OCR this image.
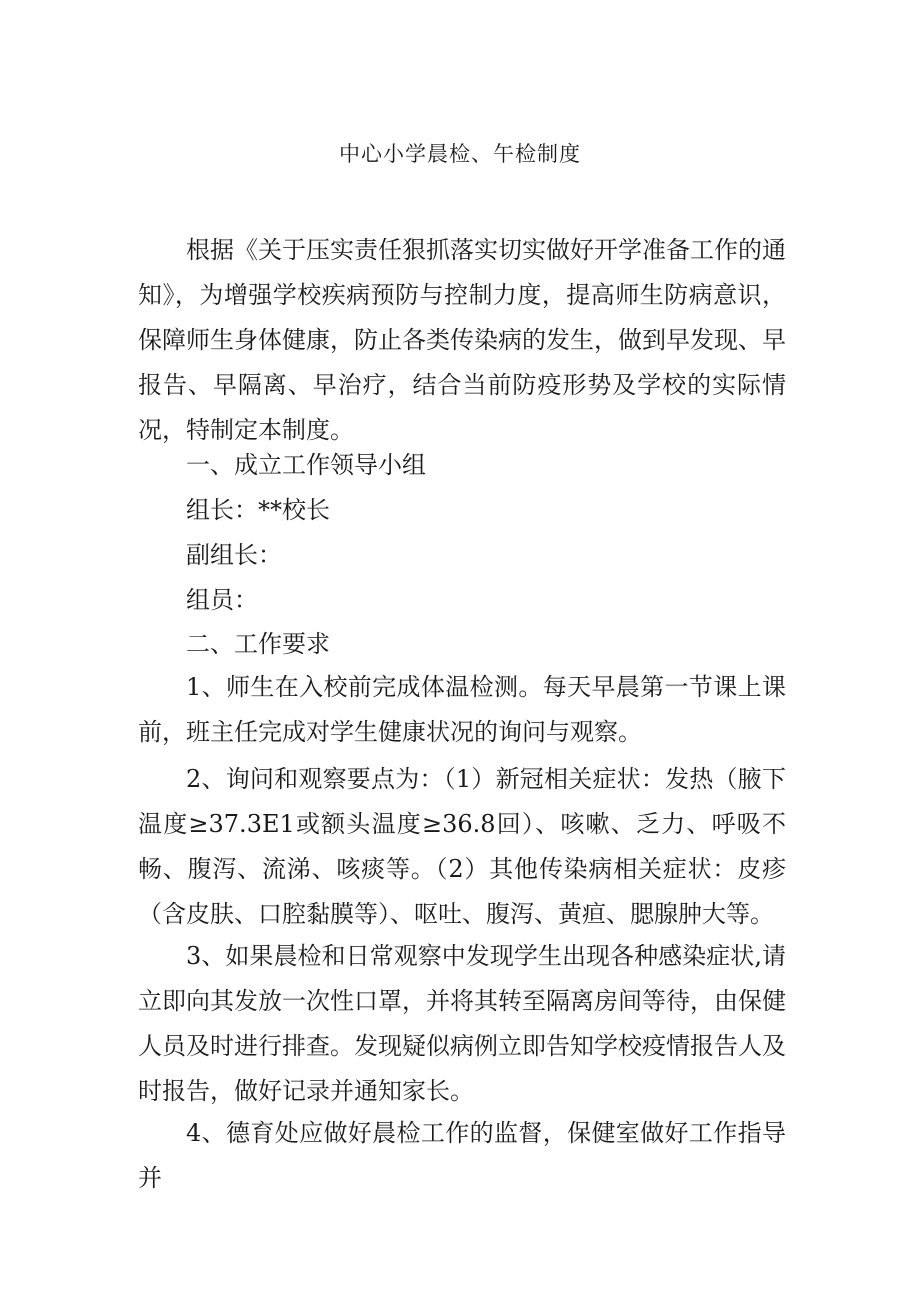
中心小学晨检、午检制度

根据《关于压实责任狠抓落实切实做好开学准备工作的通知》，为增强学校疾病预防与控制力度，提高师生防病意识，保障师生身体健康，防止各类传染病的发生，做到早发现、早报告、早隔离、早治疗，结合当前防疫形势及学校的实际情况，特制定本制度。

一、成立工作领导小组

组长：**校长

副组长：

组员：

二、工作要求

1、师生在入校前完成体温检测。每天早晨第一节课上课前，班主任完成对学生健康状况的询问与观察。

2、询问和观察要点为：（1）新冠相关症状：发热（腋下温度≥37.3E1或额头温度≥36.8回）、咳嗽、乏力、呼吸不畅、腹泻、流涕、咳痰等。（2）其他传染病相关症状：皮疹（含皮肤、口腔黏膜等）、呕吐、腹泻、黄疸、腮腺肿大等。

3、如果晨检和日常观察中发现学生出现各种感染症状,请立即向其发放一次性口罩，并将其转至隔离房间等待，由保健人员及时进行排查。发现疑似病例立即告知学校疫情报告人及时报告，做好记录并通知家长。

4、德育处应做好晨检工作的监督，保健室做好工作指导并
